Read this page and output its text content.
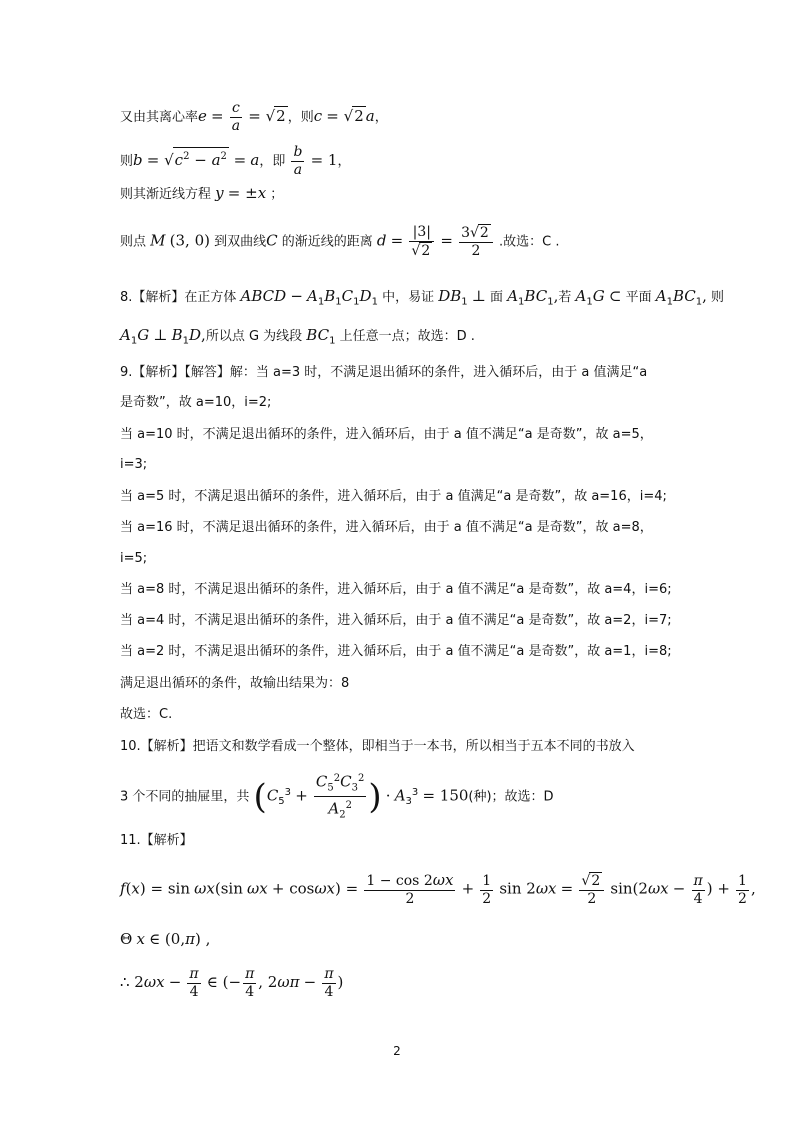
又由其离心率$e = \frac{c}{a} = √2$ ，则c = √2 a，
则$b = √c^2 - a^2 = a$，即 $\frac{b}{a} = 1$，
则其渐近线方程 y = ±x ；
则点 M (3, 0) 到双曲线C 的渐近线的距离 $d = \frac{|3|}{√2} = \frac{3√2}{2}$ .故选：C .
8.【解析】在正方体 ABCD − $A_1B_1C_1D_1$ 中，易证 $DB_1$ ⊥ 面 $A_1BC_1$,若 $A_1G$ ⊂ 平面 $A_1BC_1$, 则
$A_1G$ ⊥ $B_1D$,所以点 G 为线段 $BC_1$ 上任意一点；故选：D .
9.【解析】【解答】解：当 a=3 时，不满足退出循环的条件，进入循环后，由于 a 值满足“a
是奇数”，故 a=10，i=2;
当 a=10 时，不满足退出循环的条件，进入循环后，由于 a 值不满足“a 是奇数”，故 a=5，
i=3;
当 a=5 时，不满足退出循环的条件，进入循环后，由于 a 值满足“a 是奇数”，故 a=16，i=4;
当 a=16 时，不满足退出循环的条件，进入循环后，由于 a 值不满足“a 是奇数”，故 a=8，
i=5;
当 a=8 时，不满足退出循环的条件，进入循环后，由于 a 值不满足“a 是奇数”，故 a=4，i=6;
当 a=4 时，不满足退出循环的条件，进入循环后，由于 a 值不满足“a 是奇数”，故 a=2，i=7;
当 a=2 时，不满足退出循环的条件，进入循环后，由于 a 值不满足“a 是奇数”，故 a=1，i=8;
满足退出循环的条件，故输出结果为：8
故选：C.
10.【解析】把语文和数学看成一个整体，即相当于一本书，所以相当于五本不同的书放入
3 个不同的抽屉里，共 ($C_5^3 + \frac{C_5^2C_3^2}{A_2^2}$ ) · $A_3^3 = 150$(种)；故选：D
11.【解析】
f(x) = sin ωx(sin $\omega x + \cos\omega x) = \frac{1 - \cos 2\omega x}{2} + \frac{1}{2}$ $\sin 2\omega x = \frac{√2}{2} \sin(2\omega x - \frac{\pi}{4}$ ) + $\frac{1}{2}$ ,
Θ x ∈ (0,π) ,
∴ $2\omega x - \frac{\pi}{4}$ ∈ (− $\frac{\pi}{4}$ , $2\omega\pi - \frac{\pi}{4}$ )
2
